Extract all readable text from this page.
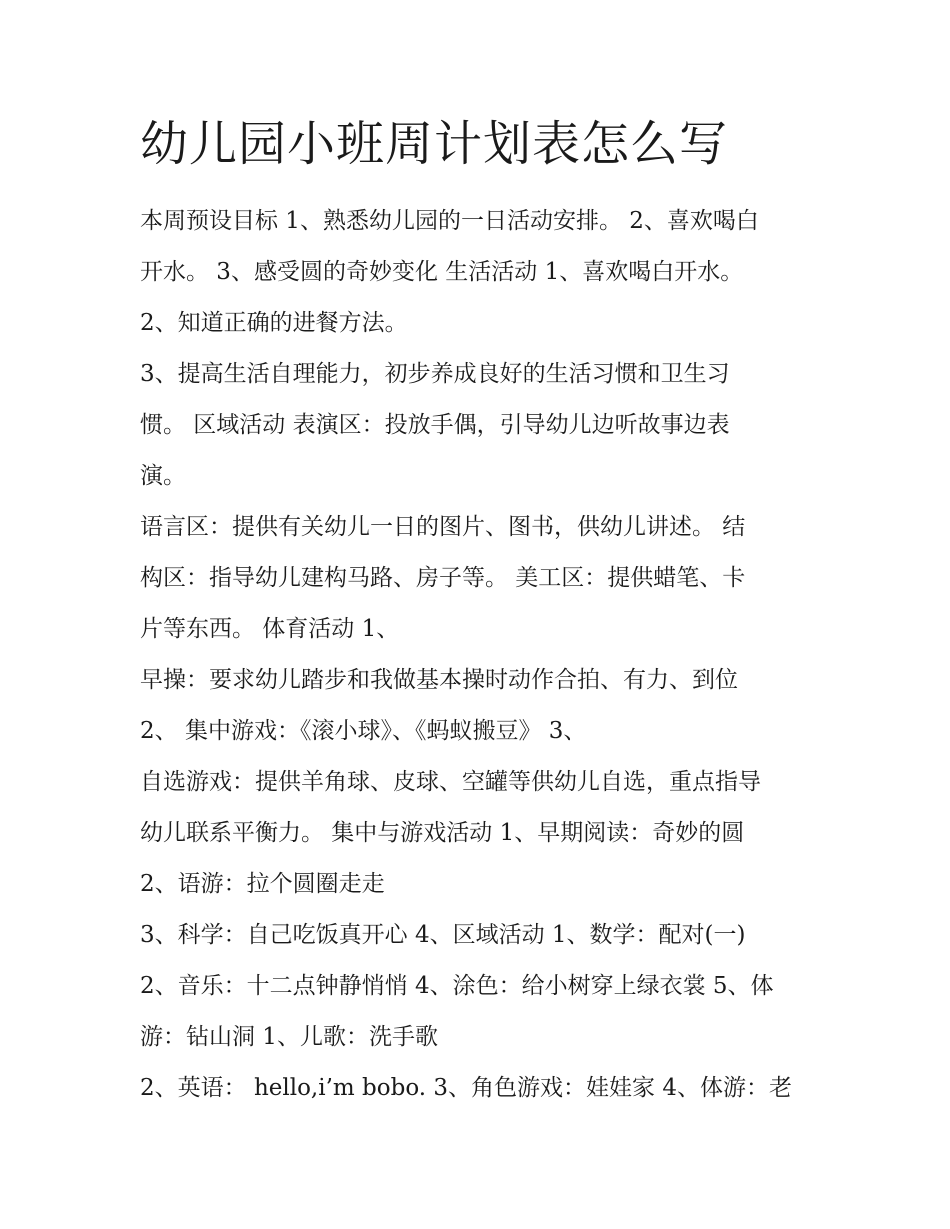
幼儿园小班周计划表怎么写
本周预设目标 1、熟悉幼儿园的一日活动安排。 2、喜欢喝白
开水。 3、感受圆的奇妙变化 生活活动 1、喜欢喝白开水。
2、知道正确的进餐方法。
3、提高生活自理能力，初步养成良好的生活习惯和卫生习
惯。 区域活动 表演区：投放手偶，引导幼儿边听故事边表
演。
语言区：提供有关幼儿一日的图片、图书，供幼儿讲述。 结
构区：指导幼儿建构马路、房子等。 美工区：提供蜡笔、卡
片等东西。 体育活动 1、
早操：要求幼儿踏步和我做基本操时动作合拍、有力、到位
2、 集中游戏：《滚小球》、《蚂蚁搬豆》 3、
自选游戏：提供羊角球、皮球、空罐等供幼儿自选，重点指导
幼儿联系平衡力。 集中与游戏活动 1、早期阅读：奇妙的圆
2、语游：拉个圆圈走走
3、科学：自己吃饭真开心 4、区域活动 1、数学：配对(一)
2、音乐：十二点钟静悄悄 4、涂色：给小树穿上绿衣裳 5、体
游：钻山洞 1、儿歌：洗手歌
2、英语： hello,i’m bobo. 3、角色游戏：娃娃家 4、体游：老
